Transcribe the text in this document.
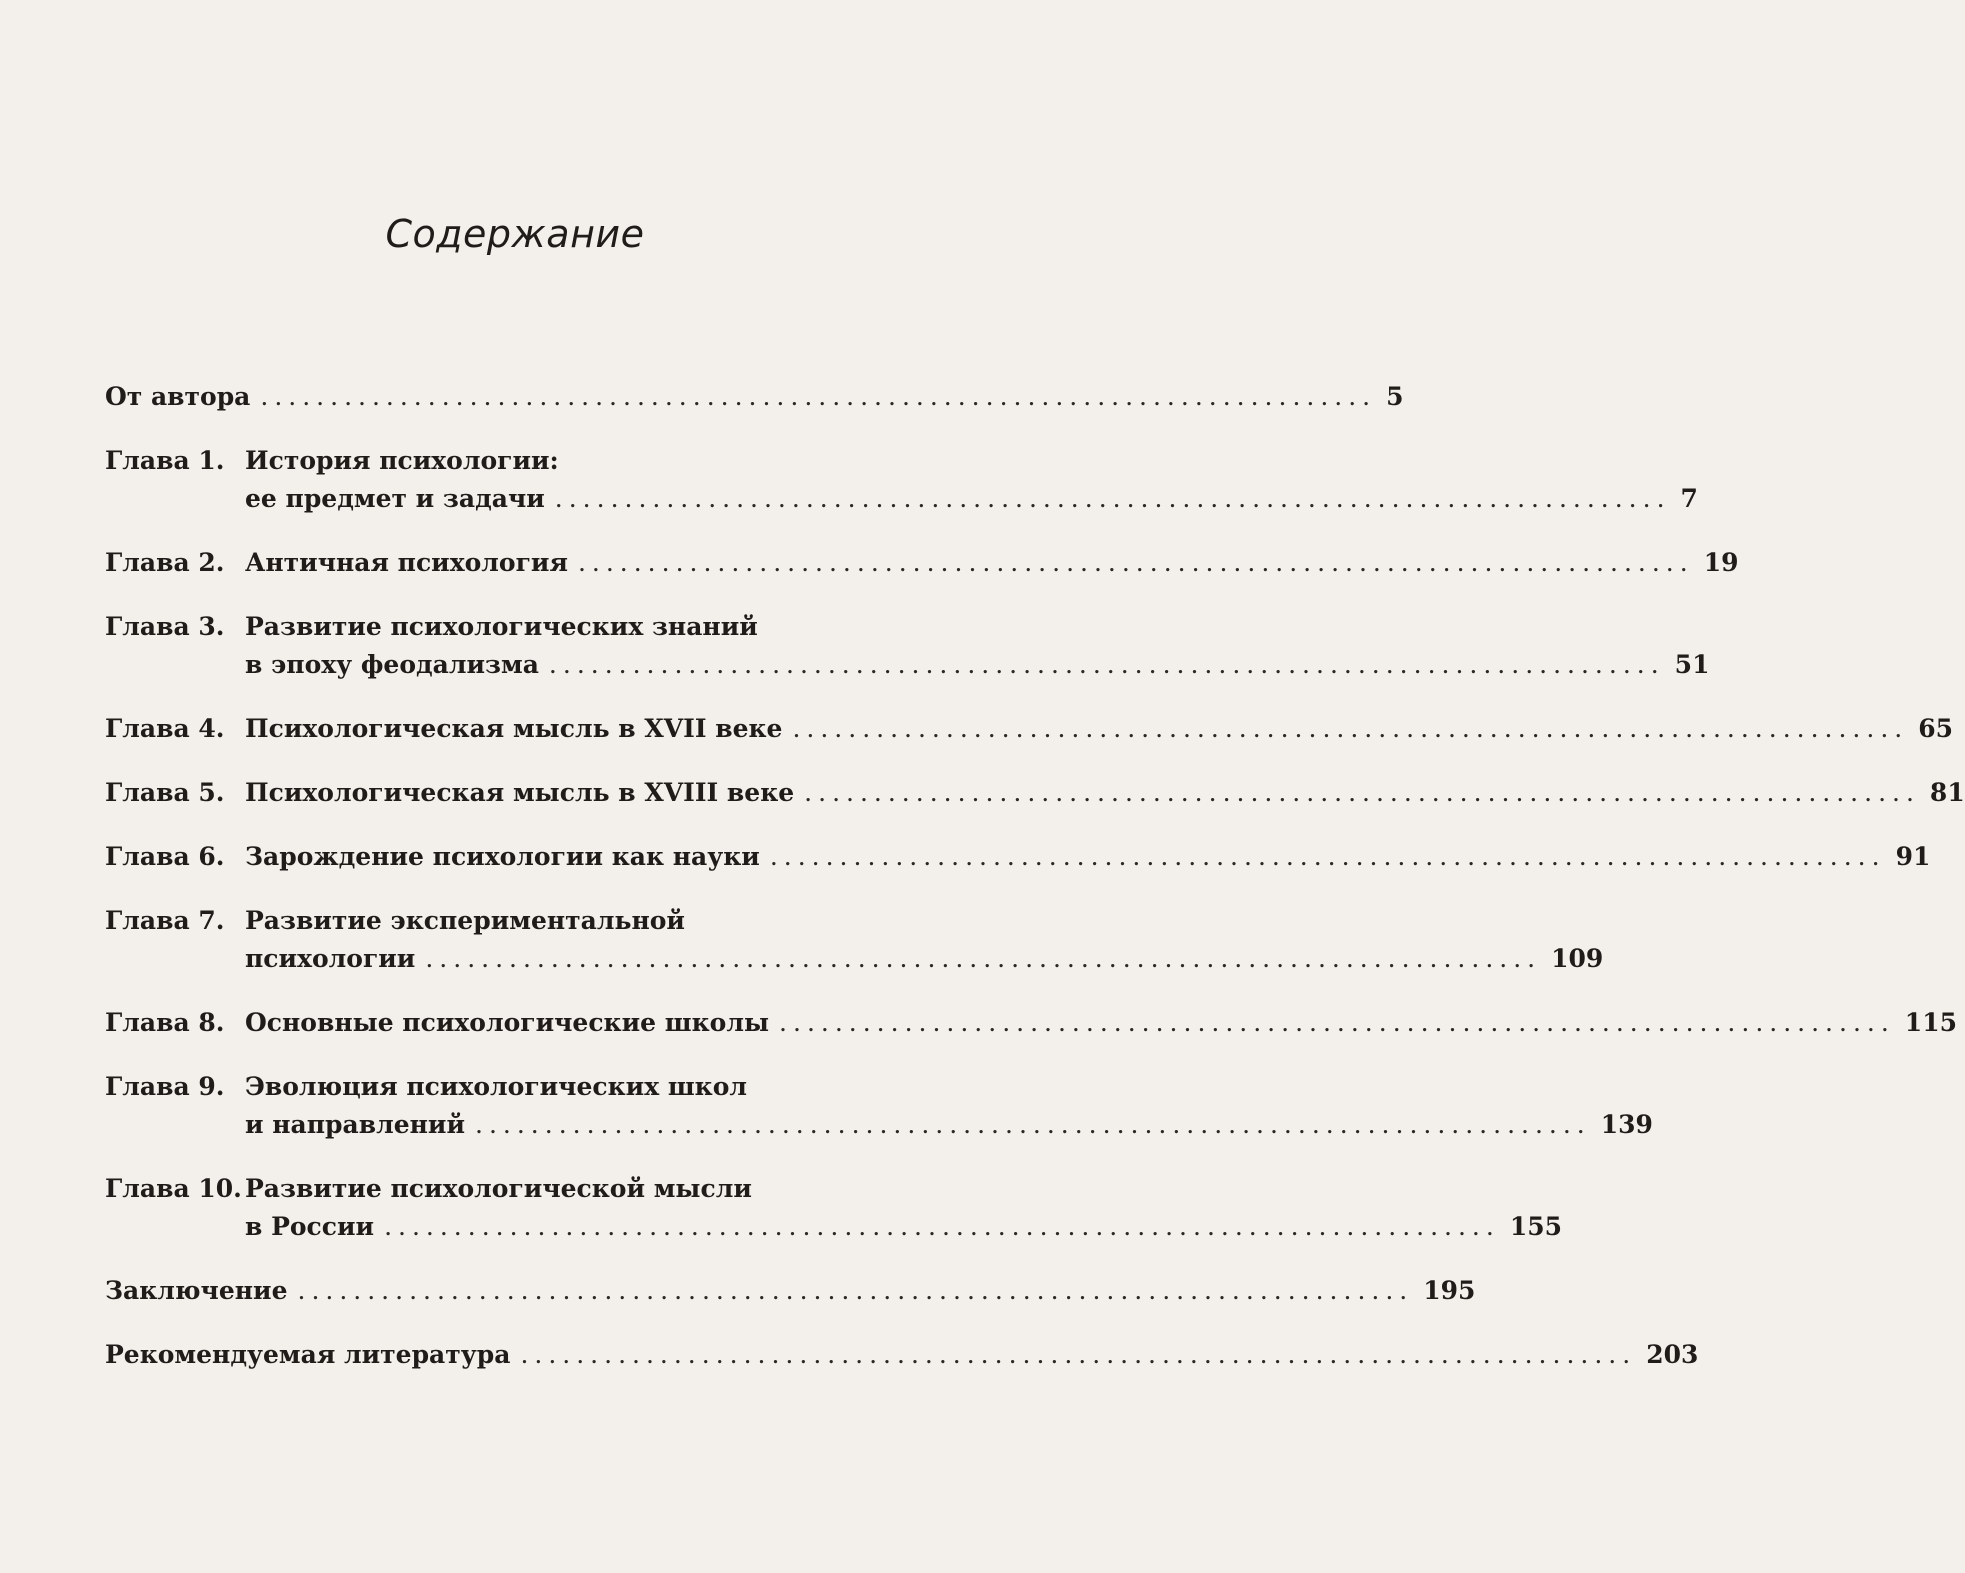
Содержание
От автора ................................................................................ 5
Глава 1. История психологии:
ее предмет и задачи ................................................................................ 7
Глава 2. Античная психология ................................................................................ 19
Глава 3. Развитие психологических знаний
в эпоху феодализма ................................................................................ 51
Глава 4. Психологическая мысль в XVII веке ................................................................................ 65
Глава 5. Психологическая мысль в XVIII веке ................................................................................ 81
Глава 6. Зарождение психологии как науки ................................................................................ 91
Глава 7. Развитие экспериментальной
психологии ................................................................................ 109
Глава 8. Основные психологические школы ................................................................................ 115
Глава 9. Эволюция психологических школ
и направлений ................................................................................ 139
Глава 10. Развитие психологической мысли
в России ................................................................................ 155
Заключение ................................................................................ 195
Рекомендуемая литература ................................................................................ 203
